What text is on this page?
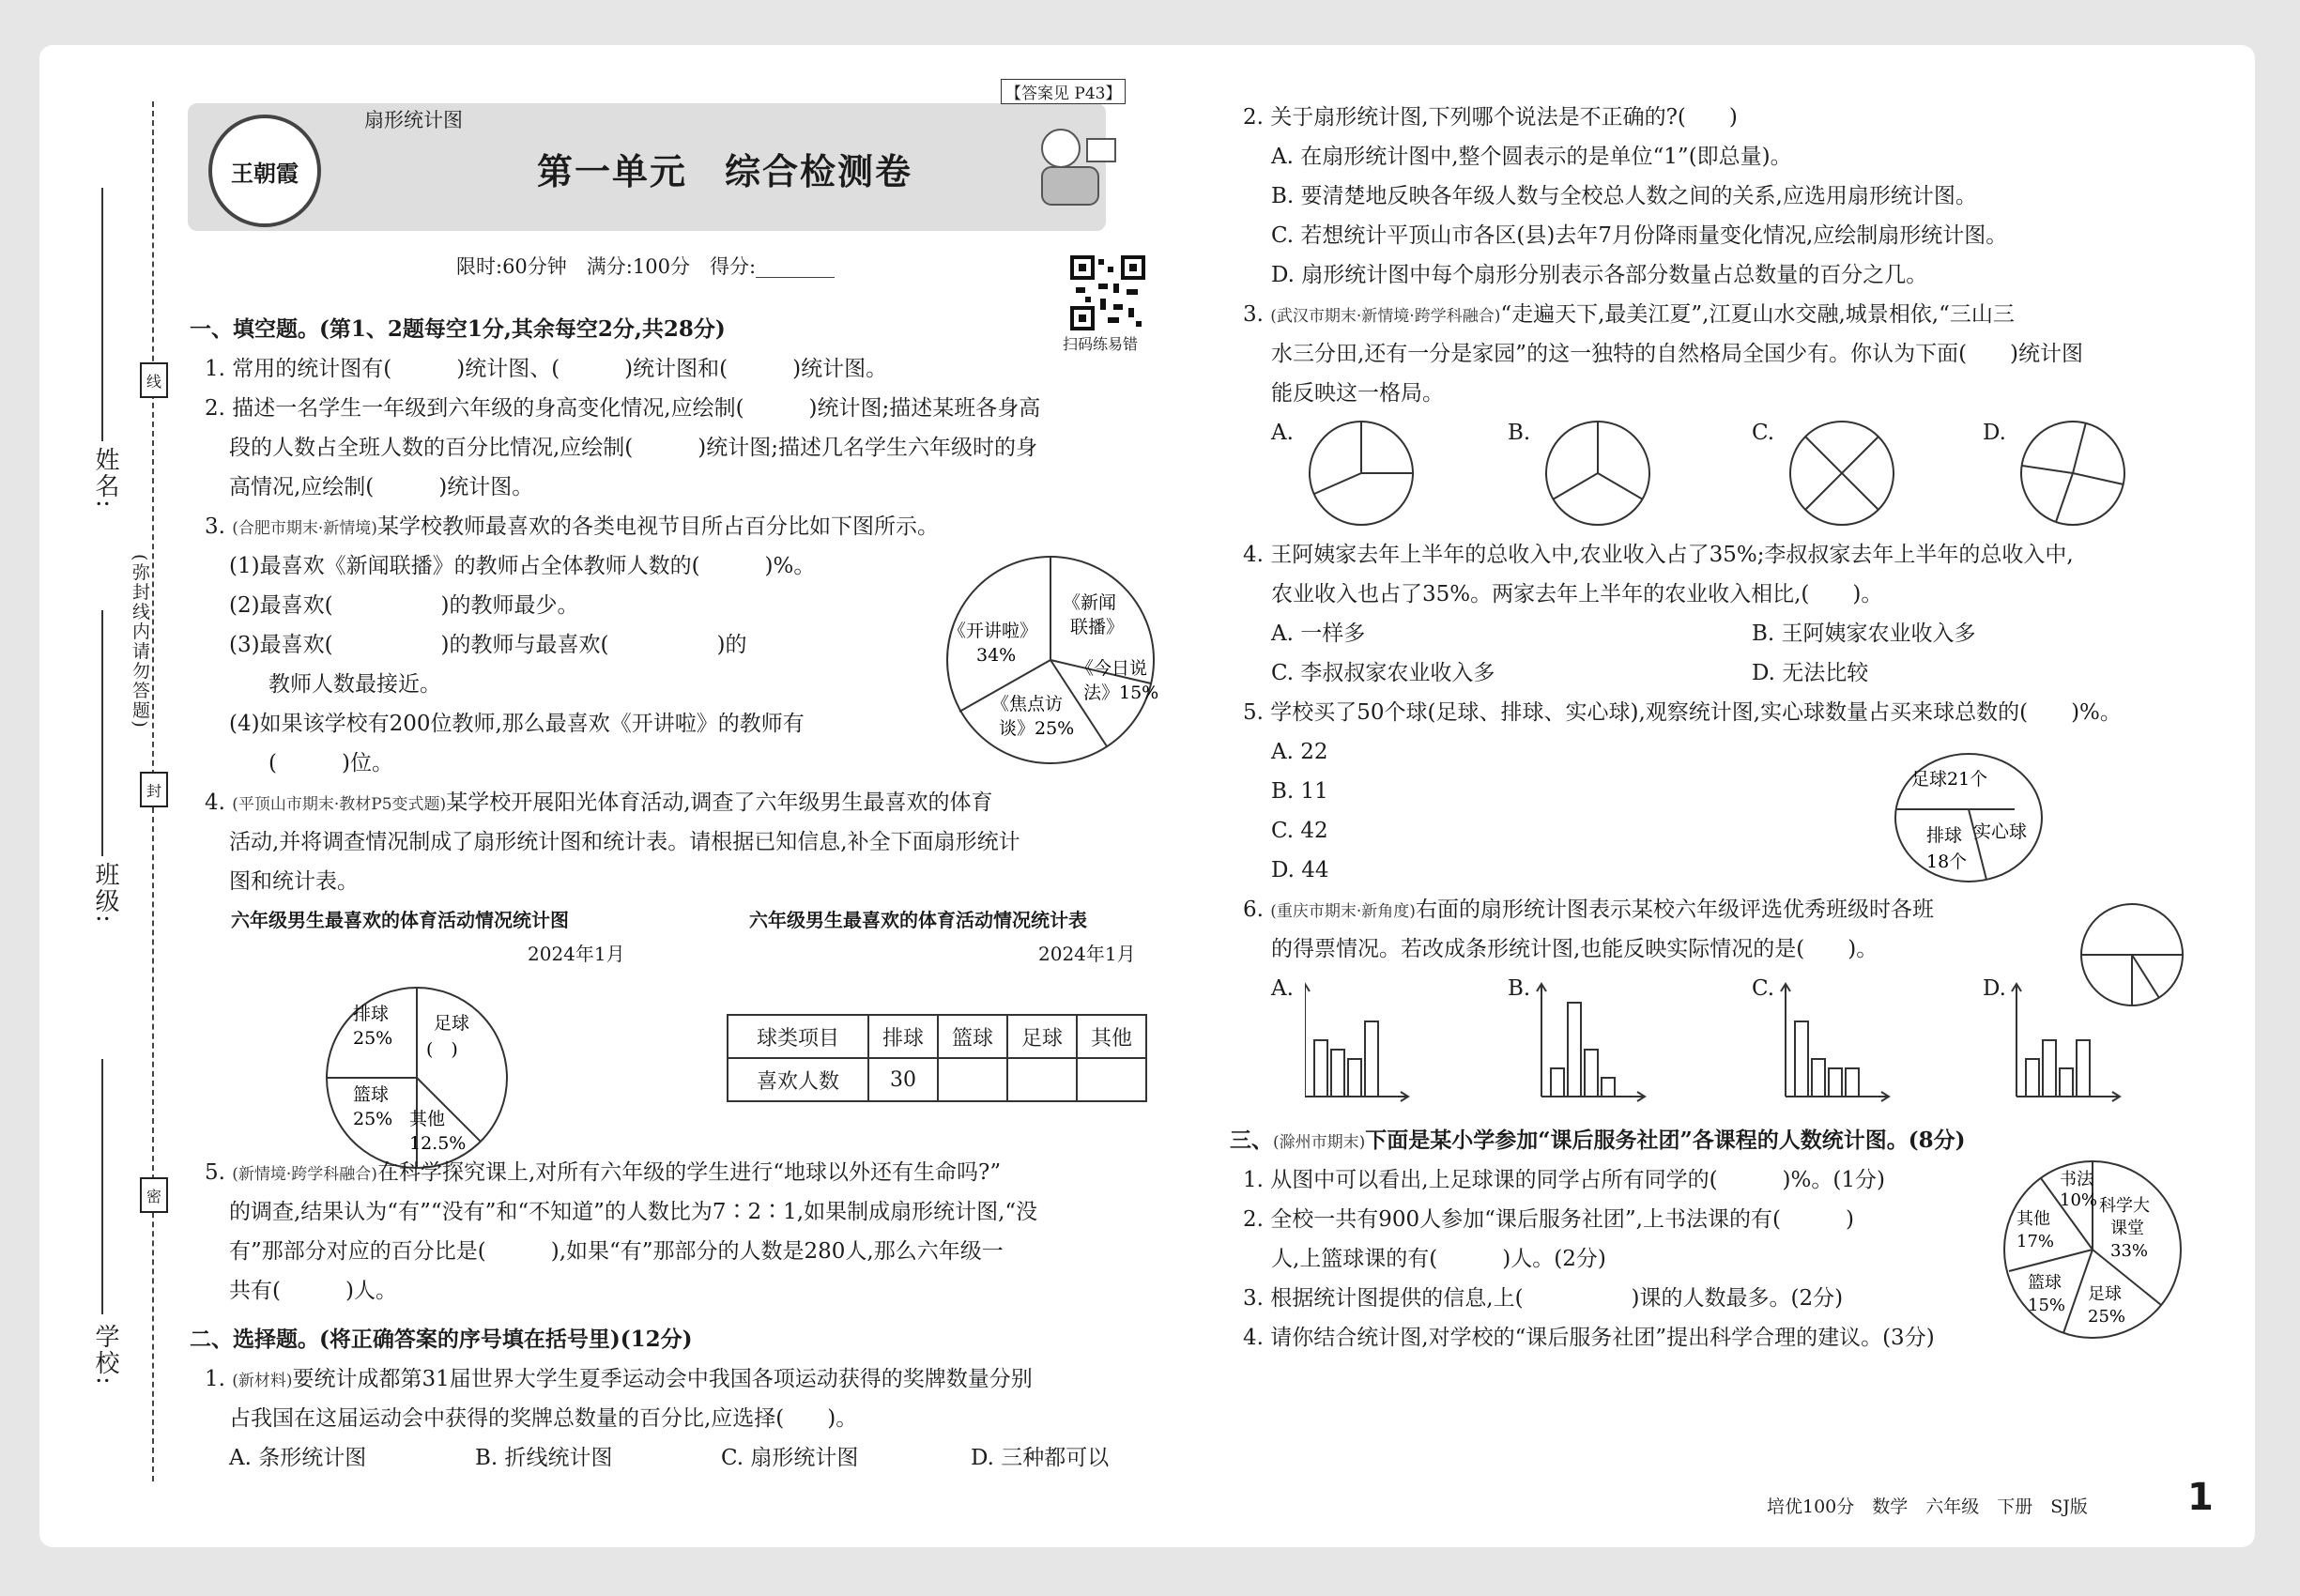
线
封
密
(弥封线内请勿答题)
姓名:
班级:
学校:
扇形统计图
【答案见 P43】
第一单元　综合检测卷
王朝霞
限时:60分钟　满分:100分　得分:________
扫码练易错
一、填空题。(第1、2题每空1分,其余每空2分,共28分)
1. 常用的统计图有(　　　)统计图、(　　　)统计图和(　　　)统计图。
2. 描述一名学生一年级到六年级的身高变化情况,应绘制(　　　)统计图;描述某班各身高
段的人数占全班人数的百分比情况,应绘制(　　　)统计图;描述几名学生六年级时的身
高情况,应绘制(　　　)统计图。
3. (合肥市期末·新情境)某学校教师最喜欢的各类电视节目所占百分比如下图所示。
(1)最喜欢《新闻联播》的教师占全体教师人数的(　　　)%。
(2)最喜欢(　　　　　)的教师最少。
(3)最喜欢(　　　　　)的教师与最喜欢(　　　　　)的
教师人数最接近。
(4)如果该学校有200位教师,那么最喜欢《开讲啦》的教师有
(　　　)位。
《开讲啦》
34%
《新闻
联播》
《今日说
法》15%
《焦点访
谈》25%
4. (平顶山市期末·教材P5变式题)某学校开展阳光体育活动,调查了六年级男生最喜欢的体育
活动,并将调查情况制成了扇形统计图和统计表。请根据已知信息,补全下面扇形统计
图和统计表。
六年级男生最喜欢的体育活动情况统计图	六年级男生最喜欢的体育活动情况统计表
2024年1月	2024年1月
排球
25%
足球
(　)
篮球
25% 其他
12.5%
球类项目	排球	篮球	足球	其他
喜欢人数	30			
5. (新情境·跨学科融合)在科学探究课上,对所有六年级的学生进行“地球以外还有生命吗?”
的调查,结果认为“有”“没有”和“不知道”的人数比为7∶2∶1,如果制成扇形统计图,“没
有”那部分对应的百分比是(　　　),如果“有”那部分的人数是280人,那么六年级一
共有(　　　)人。
二、选择题。(将正确答案的序号填在括号里)(12分)
1. (新材料)要统计成都第31届世界大学生夏季运动会中我国各项运动获得的奖牌数量分别
占我国在这届运动会中获得的奖牌总数量的百分比,应选择(　　)。
A. 条形统计图	B. 折线统计图	C. 扇形统计图	D. 三种都可以
2. 关于扇形统计图,下列哪个说法是不正确的?(　　)
A. 在扇形统计图中,整个圆表示的是单位“1”(即总量)。
B. 要清楚地反映各年级人数与全校总人数之间的关系,应选用扇形统计图。
C. 若想统计平顶山市各区(县)去年7月份降雨量变化情况,应绘制扇形统计图。
D. 扇形统计图中每个扇形分别表示各部分数量占总数量的百分之几。
3. (武汉市期末·新情境·跨学科融合)“走遍天下,最美江夏”,江夏山水交融,城景相依,“三山三
水三分田,还有一分是家园”的这一独特的自然格局全国少有。你认为下面(　　)统计图
能反映这一格局。
A.	B.	C.	D.
4. 王阿姨家去年上半年的总收入中,农业收入占了35%;李叔叔家去年上半年的总收入中,
农业收入也占了35%。两家去年上半年的农业收入相比,(　　)。
A. 一样多	B. 王阿姨家农业收入多
C. 李叔叔家农业收入多	D. 无法比较
5. 学校买了50个球(足球、排球、实心球),观察统计图,实心球数量占买来球总数的(　　)%。
A. 22
B. 11
C. 42
D. 44
足球21个
排球
18个
实心球
6. (重庆市期末·新角度)右面的扇形统计图表示某校六年级评选优秀班级时各班
的得票情况。若改成条形统计图,也能反映实际情况的是(　　)。
A.	B.	C.	D.
三、(滁州市期末)下面是某小学参加“课后服务社团”各课程的人数统计图。(8分)
1. 从图中可以看出,上足球课的同学占所有同学的(　　　)%。(1分)
2. 全校一共有900人参加“课后服务社团”,上书法课的有(　　　)
人,上篮球课的有(　　　)人。(2分)
3. 根据统计图提供的信息,上(　　　　　)课的人数最多。(2分)
4. 请你结合统计图,对学校的“课后服务社团”提出科学合理的建议。(3分)
书法
10% 科学大
课堂
33%
其他
17%
篮球
15%
足球
25%
培优100分　数学　六年级　下册　SJ版	1
